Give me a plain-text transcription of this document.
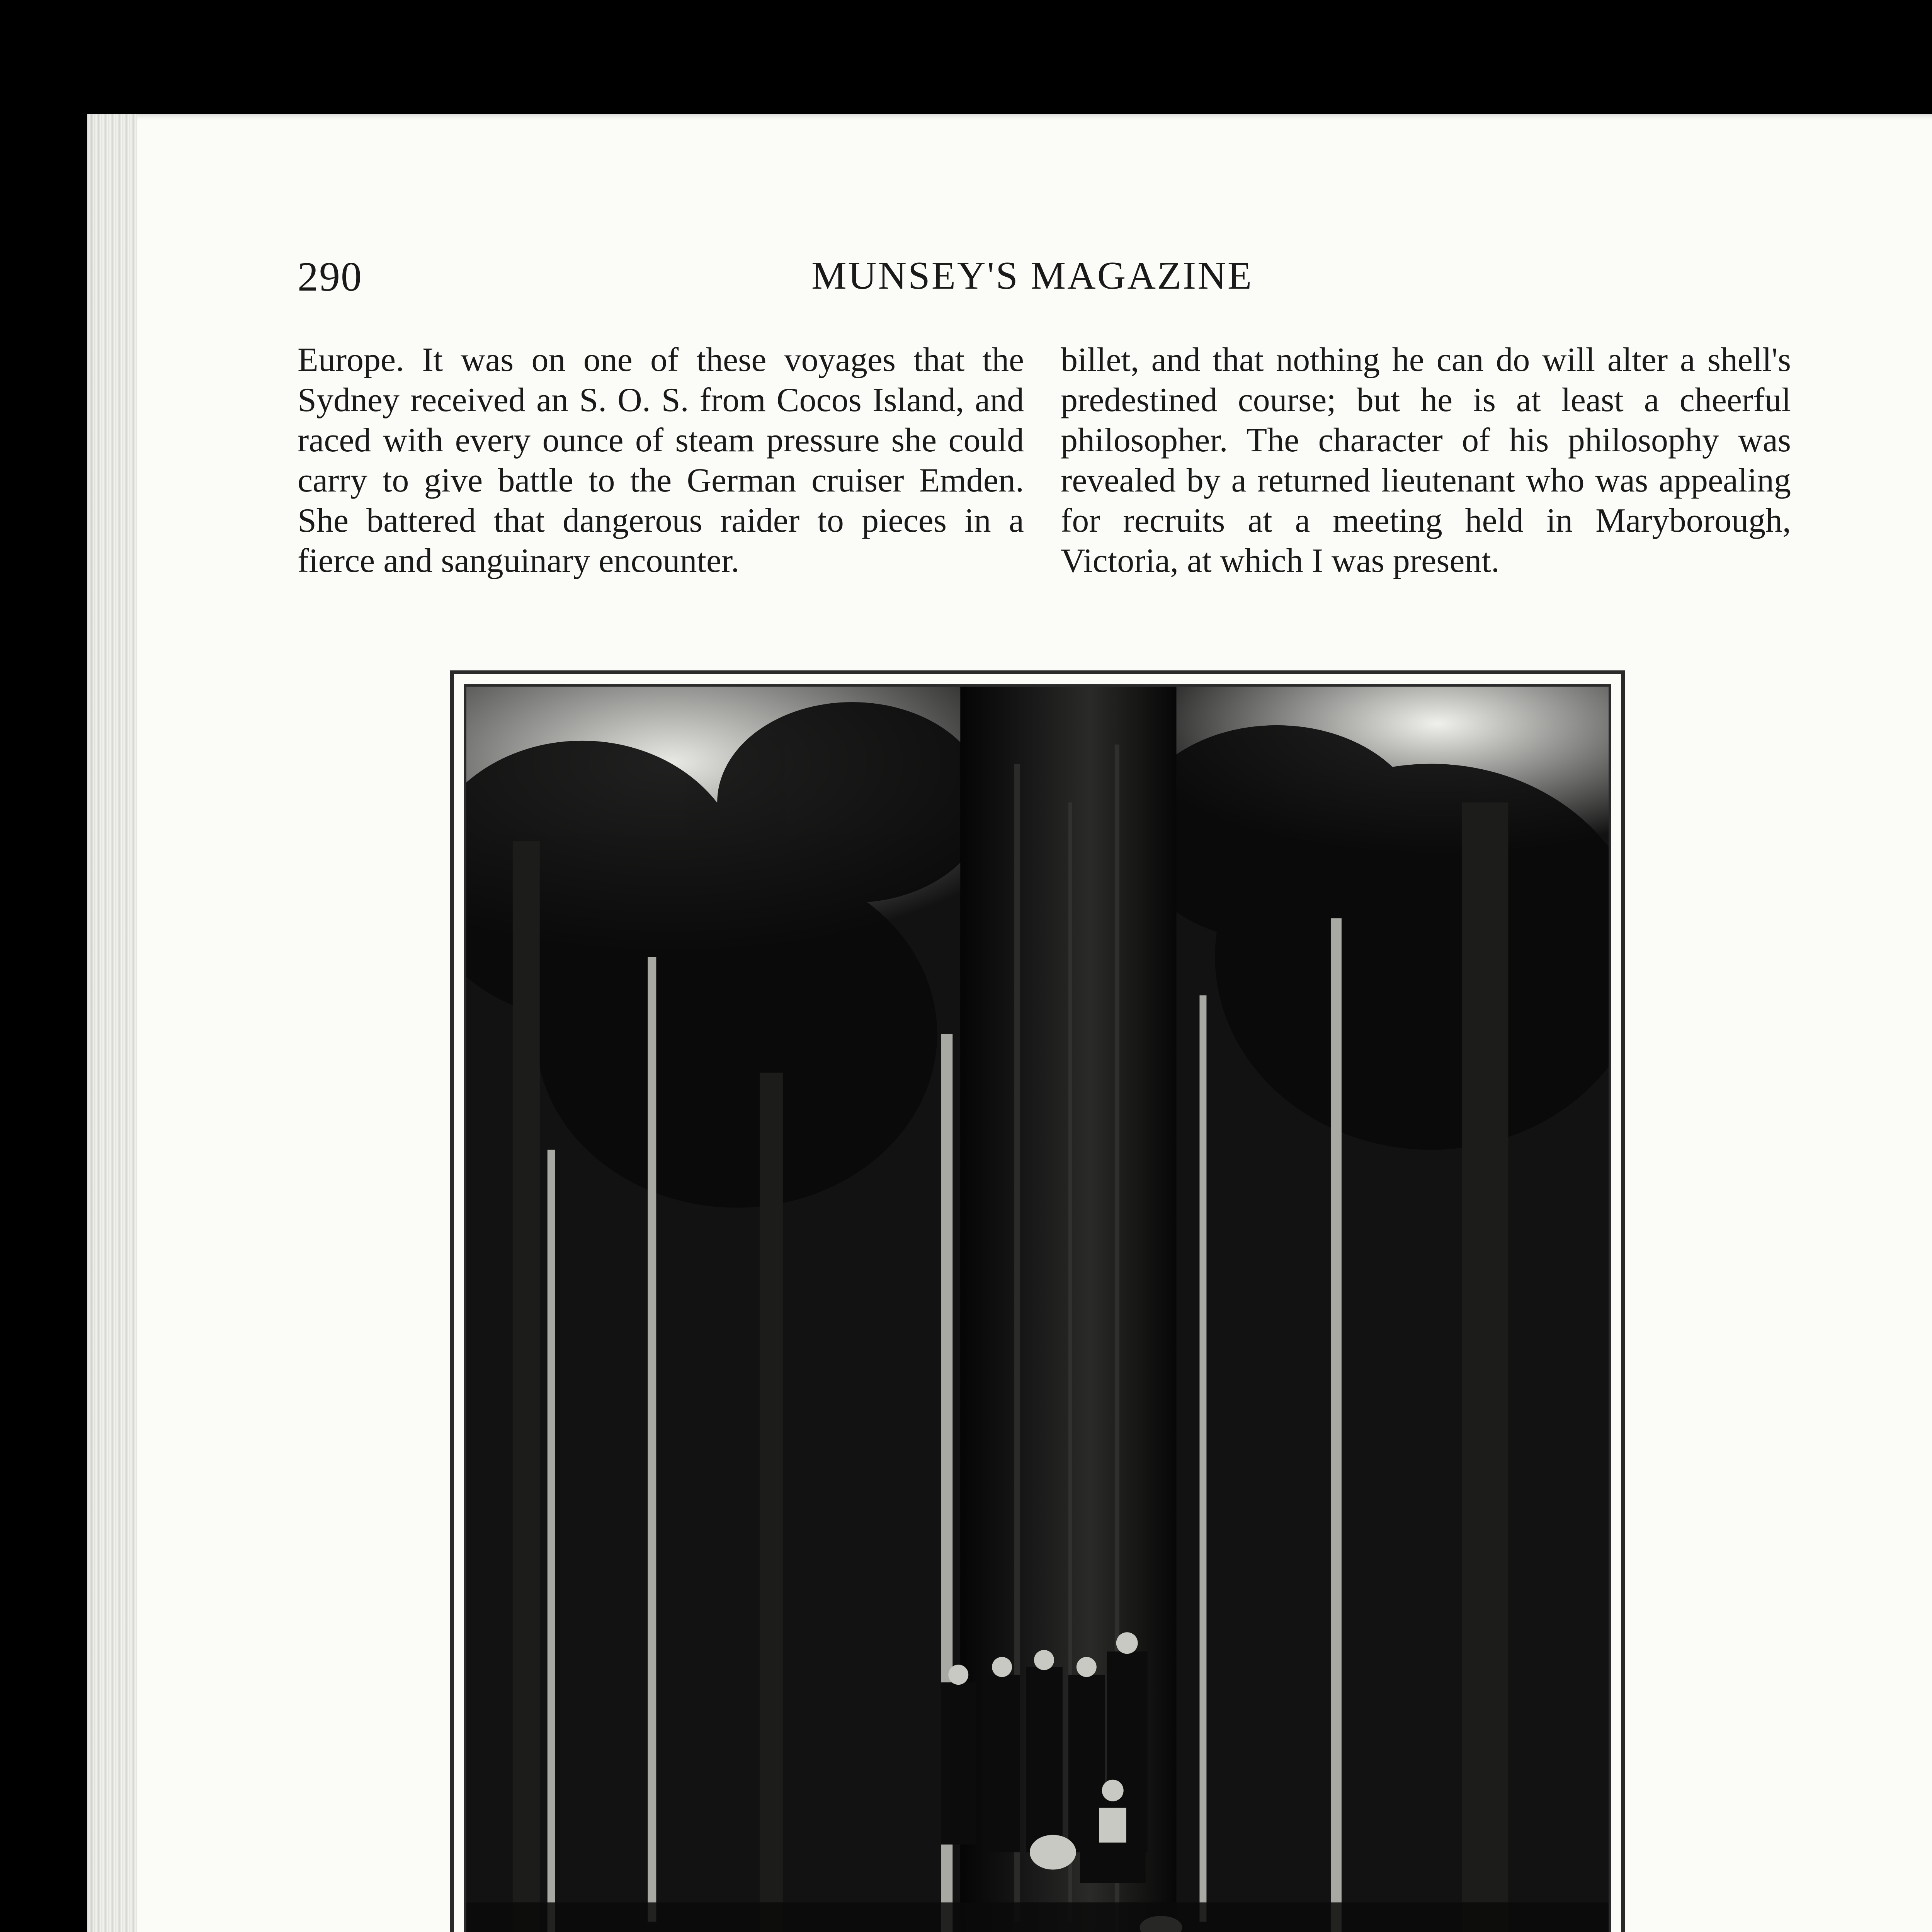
290	MUNSEY'S MAGAZINE

Europe. It was on one of these voyages that the Sydney received an S. O. S. from Cocos Island, and raced with every ounce of steam pressure she could carry to give battle to the German cruiser Emden. She battered that dangerous raider to pieces in a fierce and sanguinary encounter.

billet, and that nothing he can do will alter a shell's predestined course; but he is at least a cheerful philosopher. The character of his philosophy was revealed by a returned lieutenant who was appealing for recruits at a meeting held in Maryborough, Victoria, at which I was present.
